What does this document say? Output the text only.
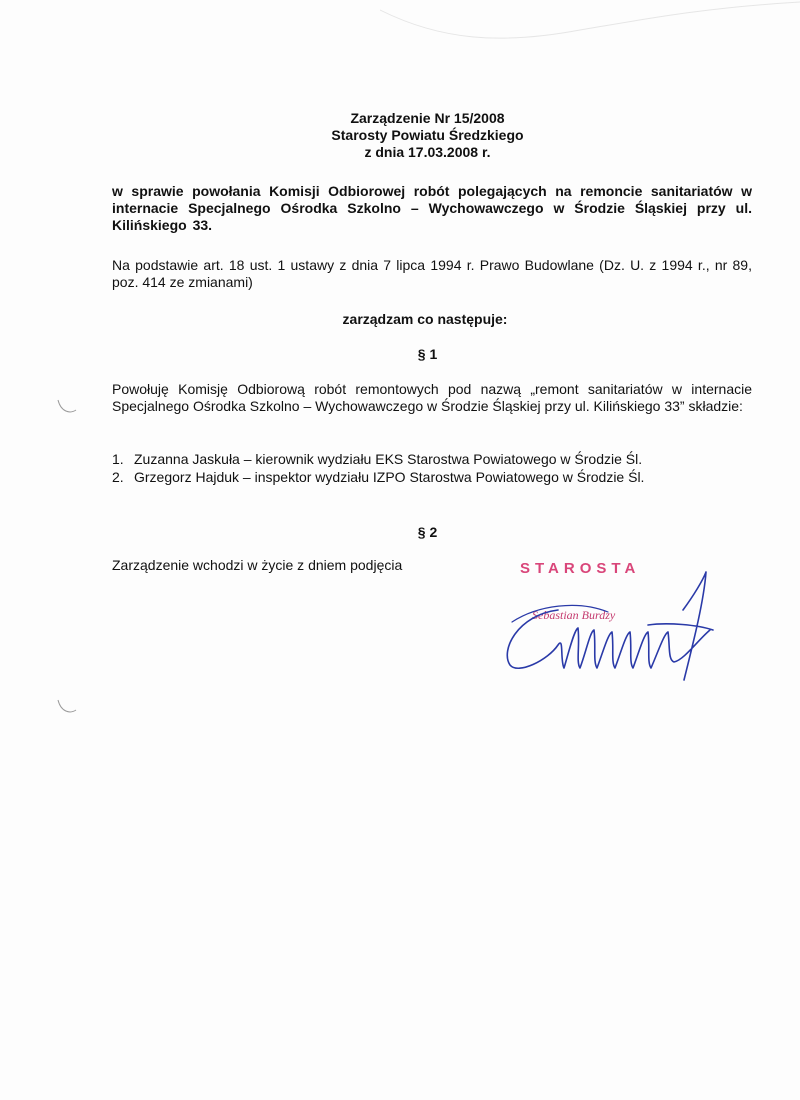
Zarządzenie Nr 15/2008
Starosty Powiatu Średzkiego
z dnia 17.03.2008 r.
w sprawie powołania Komisji Odbiorowej robót polegających na remoncie sanitariatów w internacie Specjalnego Ośrodka Szkolno – Wychowawczego w Środzie Śląskiej przy ul. Kilińskiego 33.
Na podstawie art. 18 ust. 1 ustawy z dnia 7 lipca 1994 r. Prawo Budowlane (Dz. U. z 1994 r., nr 89, poz. 414 ze zmianami)
zarządzam co następuje:
§ 1
Powołuję Komisję Odbiorową robót remontowych pod nazwą „remont sanitariatów w internacie Specjalnego Ośrodka Szkolno – Wychowawczego w Środzie Śląskiej przy ul. Kilińskiego 33” składzie:
1. Zuzanna Jaskuła – kierownik wydziału EKS Starostwa Powiatowego w Środzie Śl.
2. Grzegorz Hajduk – inspektor wydziału IZPO Starostwa Powiatowego w Środzie Śl.
§ 2
Zarządzenie wchodzi w życie z dniem podjęcia	STAROSTA
Sebastian Burdzy
